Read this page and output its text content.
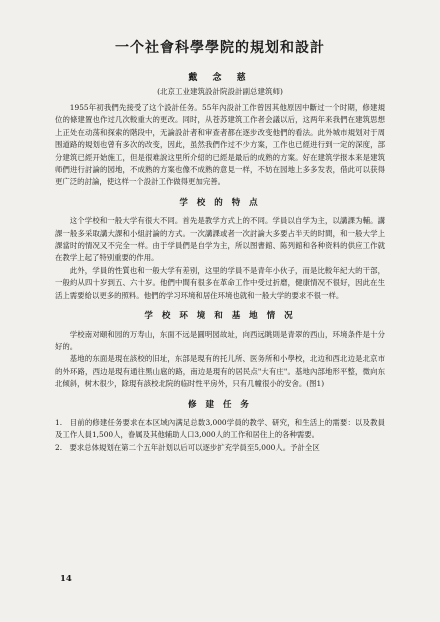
一个社會科學學院的規划和設計
戴 念 慈
(北京工业建筑設計院設計副总建筑师)

1955年初我們先接受了这个設計任务。55年內設計工作曾因其他原因中斷过一个时期，修建規位的條建置也作过几次較重大的更改。同时，从苍苏建筑工作者会議以后，这两年来我們在建筑思想上正处在动荡和探索的階段中，无論設計者和审查者都在逐步改变他們的看法。此外城市規划对于周围道路的規划也曾有多次的改变，因此，虽然我們作过不少方案，工作也已經进行到一定的深度，部分建筑已經开始施工，但是很难說这里所介紹的已經是最后的成熟的方案。好在建筑学报本来是建筑师們进行討論的园地，不成熟的方案也像不成熟的意見一样，不妨在园地上多多发表，借此可以获得更广泛的討論，使这样一个設計工作做得更加完善。

学 校 的 特 点

这个学校和一般大学有很大不同。首先是教学方式上的不同。学員以自学为主，以講課为輔。講課一般多采取講大課和小組討論的方式。一次講課或者一次討論大多要占半天的时間，和一般大学上課當时的情况又不完全一样。由于学員們是自学为主，所以图書館、陈列館和各种资料的供应工作就在教学上起了特别重要的作用。

此外，学員的性質也和一般大学有差别，这里的学員不是青年小伙子，而是比較年紀大的干部，一般約从四十岁到五、六十岁。他們中間有很多在革命工作中受过折磨，健康情况不很好，因此在生活上需要給以更多的照料。他們的学习环境和居住环境也就和一般大学的要求不很一样。

学 校 环 境 和 基 地 情 况

学校南对頤和园的万寿山，东面不远是圓明园故址，向西远眺則是青翠的西山，环境条件是十分好的。

基地的东面是現在該校的旧址，东部是現有的托儿所、医务所和小學校，北边和西北边是北京市的外环路，西边是現有通往黑山扈的路，南边是現有的居民点"大有庄"。基地內部地形平整，微向东北倾斜，树木很少，除現有該校北院的临时性平房外，只有几幢很小的安舍。(图1)

修 建 任 务

1.　目前的修建任务要求在本区域內满足总数3,000学員的教学、研究，和生活上的需要：以及教員及工作人員1,500人，眷属及其他辅助人口3,000人的工作和居住上的各种需要。

2.　要求总体規划在第二个五年計划以后可以逐步扩充学員至5,000人。予計全区

14
